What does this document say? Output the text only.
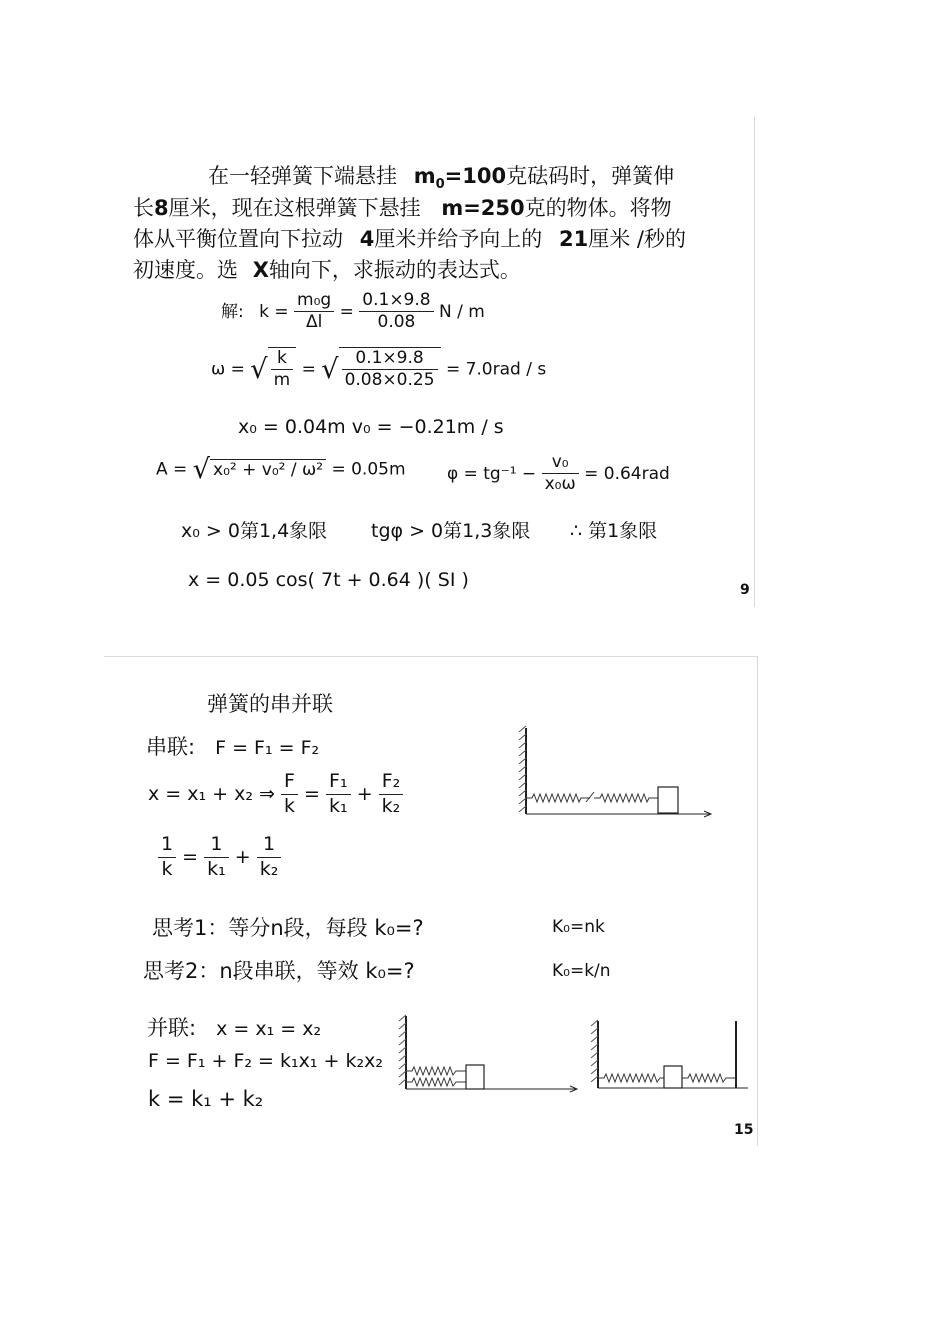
在一轻弹簧下端悬挂 $m_0=100$克砝码时，弹簧伸
长8厘米，现在这根弹簧下悬挂 m=250克的物体。将物
体从平衡位置向下拉动 4厘米并给予向上的 21厘米 /秒的
初速度。选 X轴向下，求振动的表达式。
解: $k = \frac{\text{m₀g}}{\Delta l} = \frac{0.1\times 9.8}{0.08}$ N / m
ω = √ $\frac{k}{m}$ = √ $\frac{0.1\times 9.8}{0.08\times 0.25} = 7.0rad / s$
x₀ = 0.04m v₀ = −0.21m / s
A = √ x₀² + v₀² / ω² = 0.05m $\varphi = tg^{-1} - \frac{\text{v₀}}{\text{x₀ω}} = 0.64rad$
x₀ > 0第1,4象限 tgφ > 0第1,3象限 ∴ 第1象限
x = 0.05 cos( 7t + 0.64 )( SI )	9
弹簧的串并联
串联: F = F₁ = F₂
x = x₁ + x₂ ⇒ $\frac{F}{k} = \frac{\text{F₁}}{\text{k₁}} + \frac{\text{F₂}}{\text{k₂}}$
$\frac{1}{k} = \frac{1}{\text{k₁}} + \frac{1}{\text{k₂}}$
思考1：等分n段，每段 k₀=?	K₀=nk
思考2：n段串联，等效 k₀=?	K₀=k/n
并联: x = x₁ = x₂
F = F₁ + F₂ = k₁x₁ + k₂x₂
k = k₁ + k₂
15
